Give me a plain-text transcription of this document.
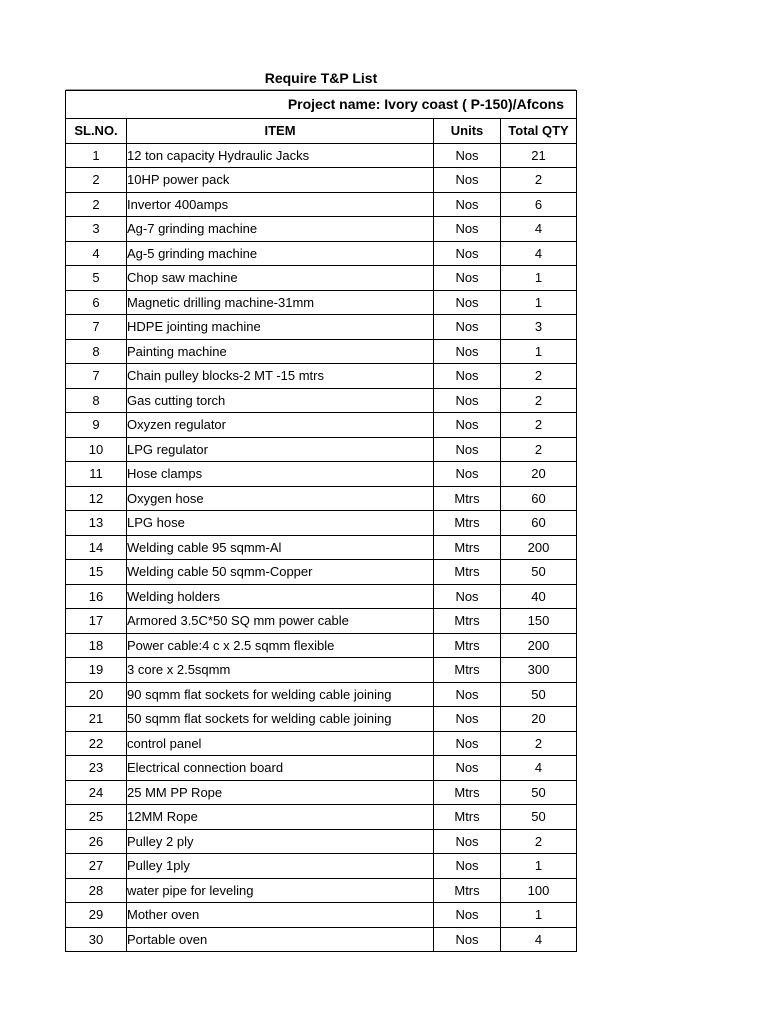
Require T&P List
Project name: Ivory coast ( P-150)/Afcons			
SL.NO.	ITEM	Units	Total QTY
1	12 ton capacity Hydraulic Jacks	Nos	21
2	10HP power pack	Nos	2
2	Invertor 400amps	Nos	6
3	Ag-7 grinding machine	Nos	4
4	Ag-5 grinding machine	Nos	4
5	Chop saw machine	Nos	1
6	Magnetic drilling machine-31mm	Nos	1
7	HDPE jointing machine	Nos	3
8	Painting machine	Nos	1
7	Chain pulley blocks-2 MT -15 mtrs	Nos	2
8	Gas cutting torch	Nos	2
9	Oxyzen regulator	Nos	2
10	LPG regulator	Nos	2
11	Hose clamps	Nos	20
12	Oxygen hose	Mtrs	60
13	LPG hose	Mtrs	60
14	Welding cable 95 sqmm-Al	Mtrs	200
15	Welding cable 50 sqmm-Copper	Mtrs	50
16	Welding holders	Nos	40
17	Armored 3.5C*50 SQ mm power cable	Mtrs	150
18	Power cable:4 c x 2.5 sqmm flexible	Mtrs	200
19	3 core x 2.5sqmm	Mtrs	300
20	90 sqmm flat sockets for welding cable joining	Nos	50
21	50 sqmm flat sockets for welding cable joining	Nos	20
22	control panel	Nos	2
23	Electrical connection board	Nos	4
24	25 MM PP Rope	Mtrs	50
25	12MM Rope	Mtrs	50
26	Pulley 2 ply	Nos	2
27	Pulley 1ply	Nos	1
28	water pipe for leveling	Mtrs	100
29	Mother oven	Nos	1
30	Portable oven	Nos	4
